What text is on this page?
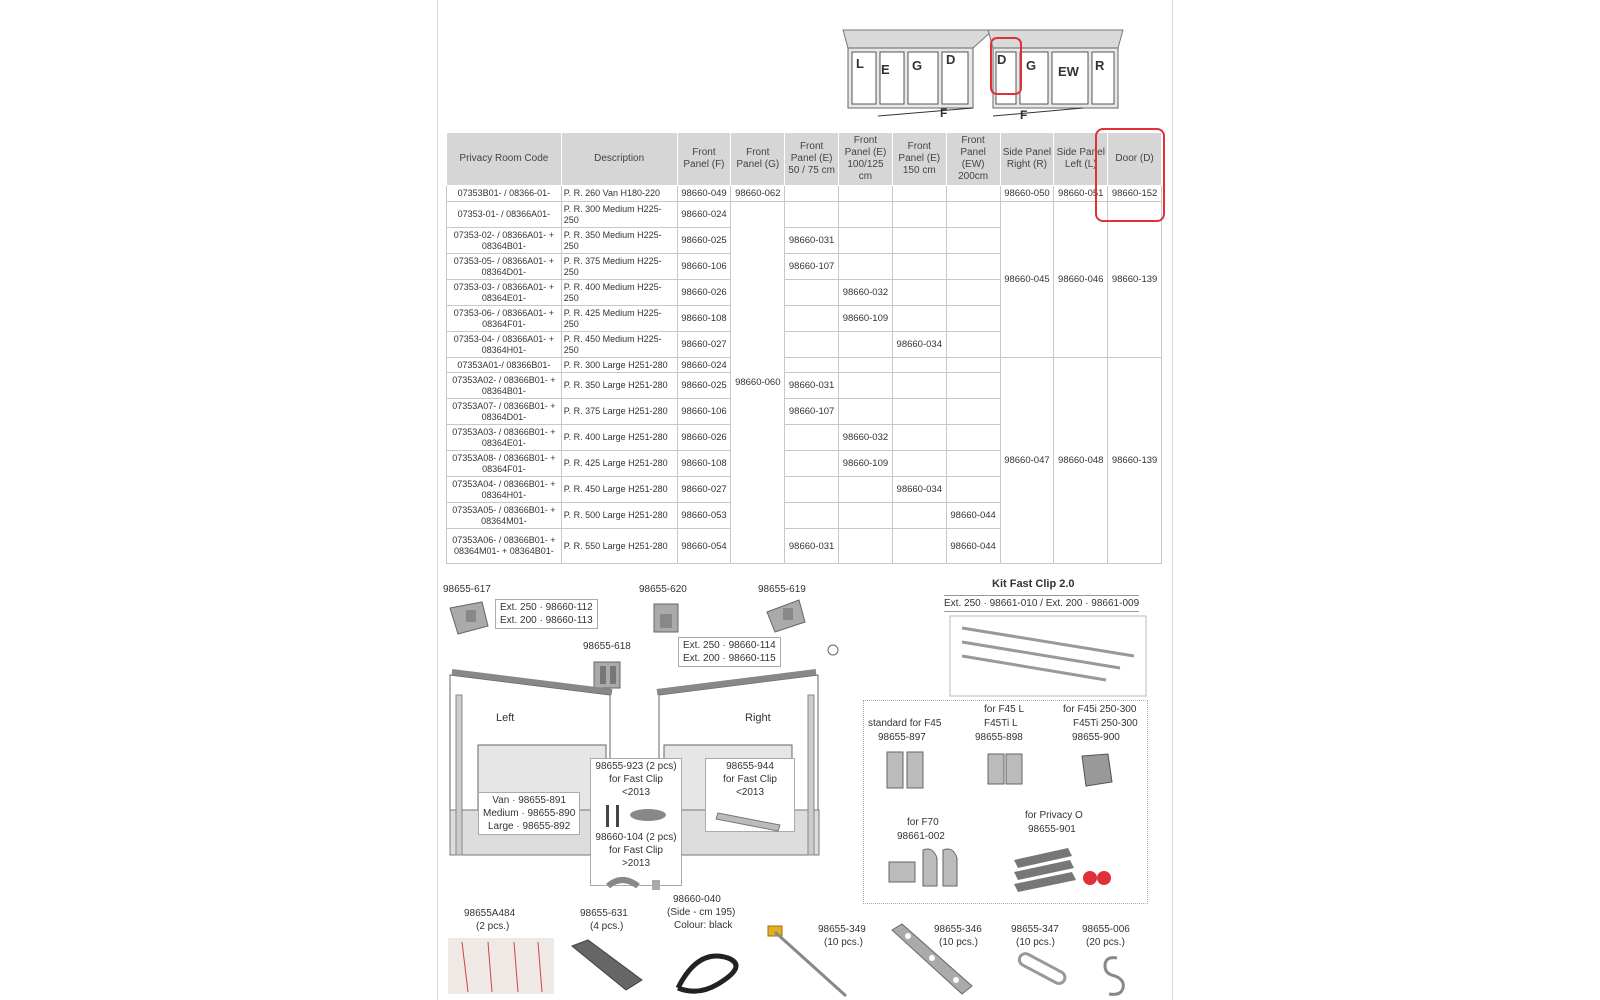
L E G D	D G EW R
F	F
Privacy Room Code	Description	Front Panel (F)	Front Panel (G)	Front Panel (E) 50 / 75 cm	Front Panel (E) 100/125 cm	Front Panel (E) 150 cm	Front Panel (EW) 200cm	Side Panel Right (R)	Side Panel Left (L)	Door (D)
07353B01- / 08366-01-	P. R. 260 Van H180-220	98660-049	98660-062					98660-050	98660-051	98660-152
07353-01- / 08366A01-	P. R. 300 Medium H225-250	98660-024	98660-060					98660-045	98660-046	98660-139
07353-02- / 08366A01- + 08364B01-	P. R. 350 Medium H225-250	98660-025		98660-031						
07353-05- / 08366A01- + 08364D01-	P. R. 375 Medium H225-250	98660-106		98660-107						
07353-03- / 08366A01- + 08364E01-	P. R. 400 Medium H225-250	98660-026			98660-032					
07353-06- / 08366A01- + 08364F01-	P. R. 425 Medium H225-250	98660-108			98660-109					
07353-04- / 08366A01- + 08364H01-	P. R. 450 Medium H225-250	98660-027				98660-034				
07353A01-/ 08366B01-	P. R. 300 Large H251-280	98660-024						98660-047	98660-048	98660-139
07353A02- / 08366B01- + 08364B01-	P. R. 350 Large H251-280	98660-025		98660-031						
07353A07- / 08366B01- + 08364D01-	P. R. 375 Large H251-280	98660-106		98660-107						
07353A03- / 08366B01- + 08364E01-	P. R. 400 Large H251-280	98660-026			98660-032					
07353A08- / 08366B01- + 08364F01-	P. R. 425 Large H251-280	98660-108			98660-109					
07353A04- / 08366B01- + 08364H01-	P. R. 450 Large H251-280	98660-027				98660-034				
07353A05- / 08366B01- + 08364M01-	P. R. 500 Large H251-280	98660-053					98660-044			
07353A06- / 08366B01- + 08364M01- + 08364B01-	P. R. 550 Large H251-280	98660-054		98660-031			98660-044			
98655-617
Ext. 250 · 98660-112
Ext. 200 · 98660-113
98655-618
98655-620	98655-619
Ext. 250 · 98660-114
Ext. 200 · 98660-115
Left	Right
Van · 98655-891
Medium · 98655-890
Large · 98655-892
98655-923 (2 pcs)
for Fast Clip <2013
98660-104 (2 pcs)
for Fast Clip >2013
98655-944
for Fast Clip <2013
Kit Fast Clip 2.0
Ext. 250 · 98661-010 / Ext. 200 · 98661-009
standard for F45
98655-897
for F45 L
F45Ti L
98655-898
for F45i 250-300
F45Ti 250-300
98655-900
for F70
98661-002
for Privacy O
98655-901
98655A484
(2 pcs.)
98655-631
(4 pcs.)
98660-040
(Side - cm 195)
Colour: black	98655-349
(10 pcs.)
98655-346
(10 pcs.)
98655-347
(10 pcs.)
98655-006
(20 pcs.)
